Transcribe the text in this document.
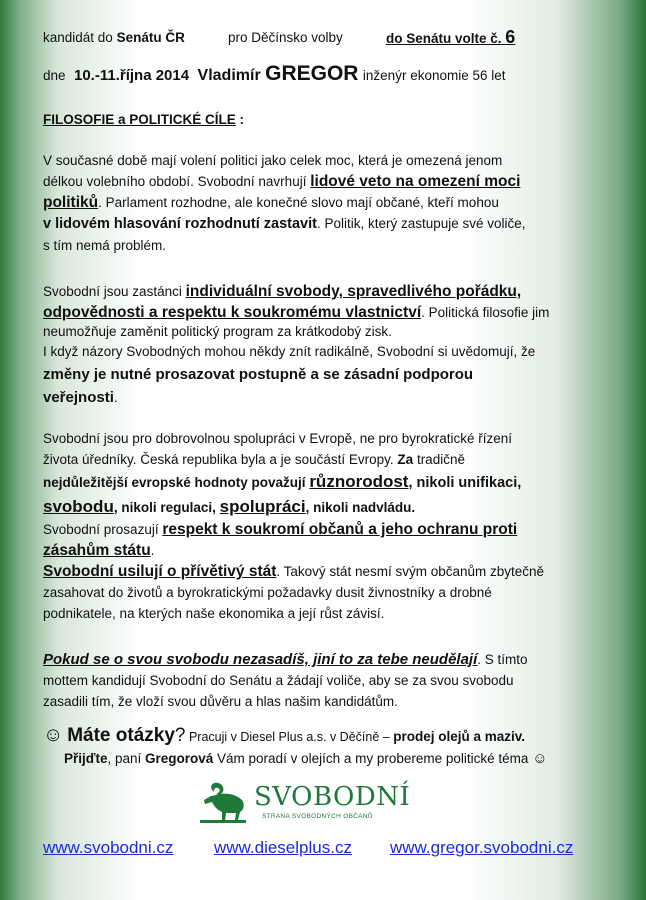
kandidát do Senátu ČR	pro Děčínsko volby	do Senátu volte č. 6
dne 10.-11.října 2014 Vladimír GREGOR inženýr ekonomie 56 let
FILOSOFIE a POLITICKÉ CÍLE :
V současné době mají volení politici jako celek moc, která je omezená jenom
délkou volebního období. Svobodní navrhují lidové veto na omezení moci
politiků. Parlament rozhodne, ale konečné slovo mají občané, kteří mohou
v lidovém hlasování rozhodnutí zastavit. Politik, který zastupuje své voliče,
s tím nemá problém.
Svobodní jsou zastánci individuální svobody, spravedlivého pořádku,
odpovědnosti a respektu k soukromému vlastnictví. Politická filosofie jim
neumožňuje zaměnit politický program za krátkodobý zisk.
I když názory Svobodných mohou někdy znít radikálně, Svobodní si uvědomují, že
změny je nutné prosazovat postupně a se zásadní podporou
veřejnosti.
Svobodní jsou pro dobrovolnou spolupráci v Evropě, ne pro byrokratické řízení
života úředníky. Česká republika byla a je součástí Evropy. Za tradičně
nejdůležitější evropské hodnoty považují různorodost, nikoli unifikaci,
svobodu, nikoli regulaci, spolupráci, nikoli nadvládu.
Svobodní prosazují respekt k soukromí občanů a jeho ochranu proti
zásahům státu.
Svobodní usilují o přívětivý stát. Takový stát nesmí svým občanům zbytečně
zasahovat do životů a byrokratickými požadavky dusit živnostníky a drobné
podnikatele, na kterých naše ekonomika a její růst závisí.
Pokud se o svou svobodu nezasadíš, jiní to za tebe neudělají. S tímto
mottem kandidují Svobodní do Senátu a žádají voliče, aby se za svou svobodu
zasadili tím, že vloží svou důvěru a hlas našim kandidátům.
☺ Máte otázky? Pracuji v Diesel Plus a.s. v Děčíně – prodej olejů a maziv.
Přijďte, paní Gregorová Vám poradí v olejích a my probereme politické téma ☺
SVOBODNÍ
STRANA SVOBODNÝCH OBČANŮ
www.svobodni.cz www.dieselplus.cz www.gregor.svobodni.cz
